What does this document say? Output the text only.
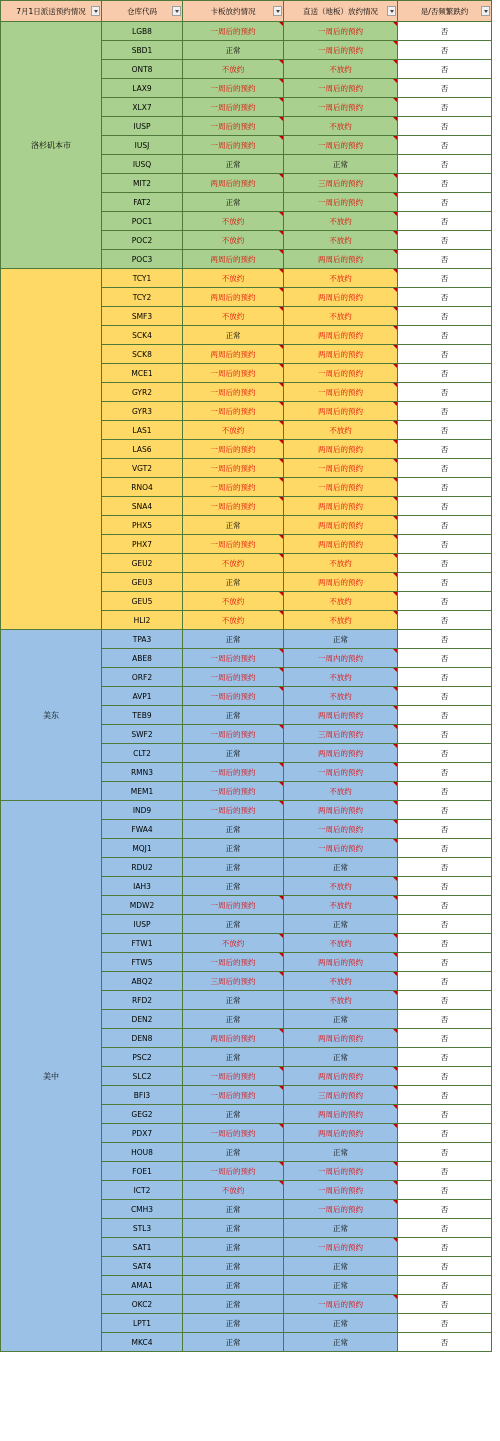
7月1日派送预约情况	仓库代码	卡板放约情况	直送（地板）放约情况	是/否频繁跌约

洛杉矶本市	LGB8	一周后的预约	一周后的预约	否
	SBD1	正常	一周后的预约	否
	ONT8	不放约	不放约	否
	LAX9	一周后的预约	一周后的预约	否
	XLX7	一周后的预约	一周后的预约	否
	IUSP	一周后的预约	不放约	否
	IUSJ	一周后的预约	一周后的预约	否
	IUSQ	正常	正常	否
	MIT2	两周后的预约	三周后的预约	否
	FAT2	正常	一周后的预约	否
	POC1	不放约	不放约	否
	POC2	不放约	不放约	否
	POC3	两周后的预约	两周后的预约	否
	TCY1	不放约	不放约	否
	TCY2	两周后的预约	两周后的预约	否
	SMF3	不放约	不放约	否
	SCK4	正常	两周后的预约	否
	SCK8	两周后的预约	两周后的预约	否
	MCE1	一周后的预约	一周后的预约	否
	GYR2	一周后的预约	一周后的预约	否
	GYR3	一周后的预约	两周后的预约	否
	LAS1	不放约	不放约	否
	LAS6	一周后的预约	两周后的预约	否
	VGT2	一周后的预约	一周后的预约	否
	RNO4	一周后的预约	一周后的预约	否
	SNA4	一周后的预约	两周后的预约	否
	PHX5	正常	两周后的预约	否
	PHX7	一周后的预约	两周后的预约	否
	GEU2	不放约	不放约	否
	GEU3	正常	两周后的预约	否
	GEU5	不放约	不放约	否
	HLI2	不放约	不放约	否
美东	TPA3	正常	正常	否
	ABE8	一周后的预约	一周内的预约	否
	ORF2	一周后的预约	不放约	否
	AVP1	一周后的预约	不放约	否
	TEB9	正常	两周后的预约	否
	SWF2	一周后的预约	三周后的预约	否
	CLT2	正常	两周后的预约	否
	RMN3	一周后的预约	一周后的预约	否
	MEM1	一周后的预约	不放约	否
美中	IND9	一周后的预约	两周后的预约	否
	FWA4	正常	一周后的预约	否
	MQJ1	正常	一周后的预约	否
	RDU2	正常	正常	否
	IAH3	正常	不放约	否
	MDW2	一周后的预约	不放约	否
	IUSP	正常	正常	否
	FTW1	不放约	不放约	否
	FTW5	一周后的预约	两周后的预约	否
	ABQ2	三周后的预约	不放约	否
	RFD2	正常	不放约	否
	DEN2	正常	正常	否
	DEN8	两周后的预约	两周后的预约	否
	PSC2	正常	正常	否
	SLC2	一周后的预约	两周后的预约	否
	BFI3	一周后的预约	三周后的预约	否
	GEG2	正常	两周后的预约	否
	PDX7	一周后的预约	两周后的预约	否
	HOU8	正常	正常	否
	FOE1	一周后的预约	一周后的预约	否
	ICT2	不放约	一周后的预约	否
	CMH3	正常	一周后的预约	否
	STL3	正常	正常	否
	SAT1	正常	一周后的预约	否
	SAT4	正常	正常	否
	AMA1	正常	正常	否
	OKC2	正常	一周后的预约	否
	LPT1	正常	正常	否
	MKC4	正常	正常	否
